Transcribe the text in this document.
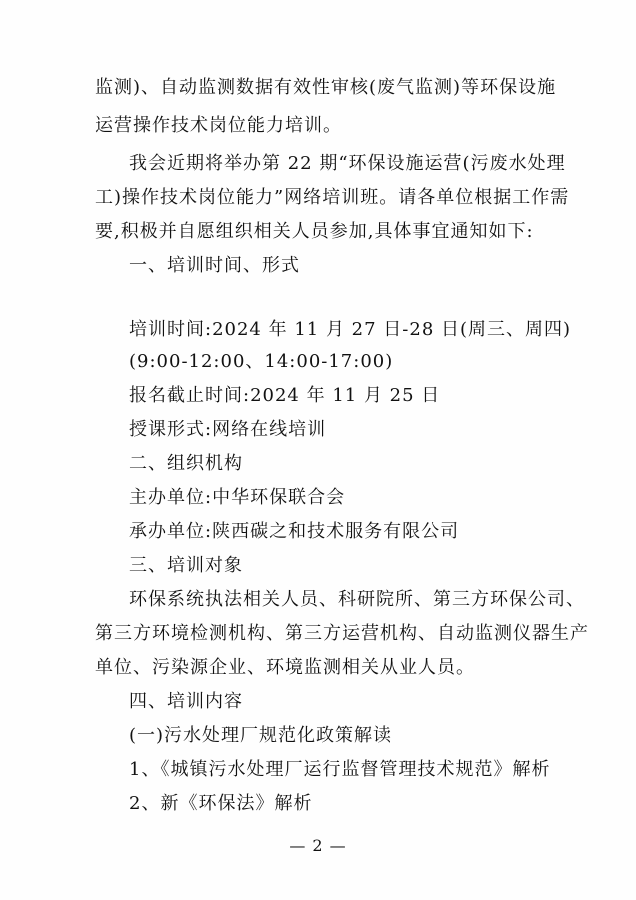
监测)、自动监测数据有效性审核(废气监测)等环保设施
运营操作技术岗位能力培训。
我会近期将举办第 22 期“环保设施运营(污废水处理
工)操作技术岗位能力”网络培训班。请各单位根据工作需
要,积极并自愿组织相关人员参加,具体事宜通知如下:
一、培训时间、形式
培训时间:2024 年 11 月 27 日-28 日(周三、周四)
(9:00-12:00、14:00-17:00)
报名截止时间:2024 年 11 月 25 日
授课形式:网络在线培训
二、组织机构
主办单位:中华环保联合会
承办单位:陕西碳之和技术服务有限公司
三、培训对象
环保系统执法相关人员、科研院所、第三方环保公司、
第三方环境检测机构、第三方运营机构、自动监测仪器生产
单位、污染源企业、环境监测相关从业人员。
四、培训内容
(一)污水处理厂规范化政策解读
1、《城镇污水处理厂运行监督管理技术规范》解析
2、新《环保法》解析
— 2 —
